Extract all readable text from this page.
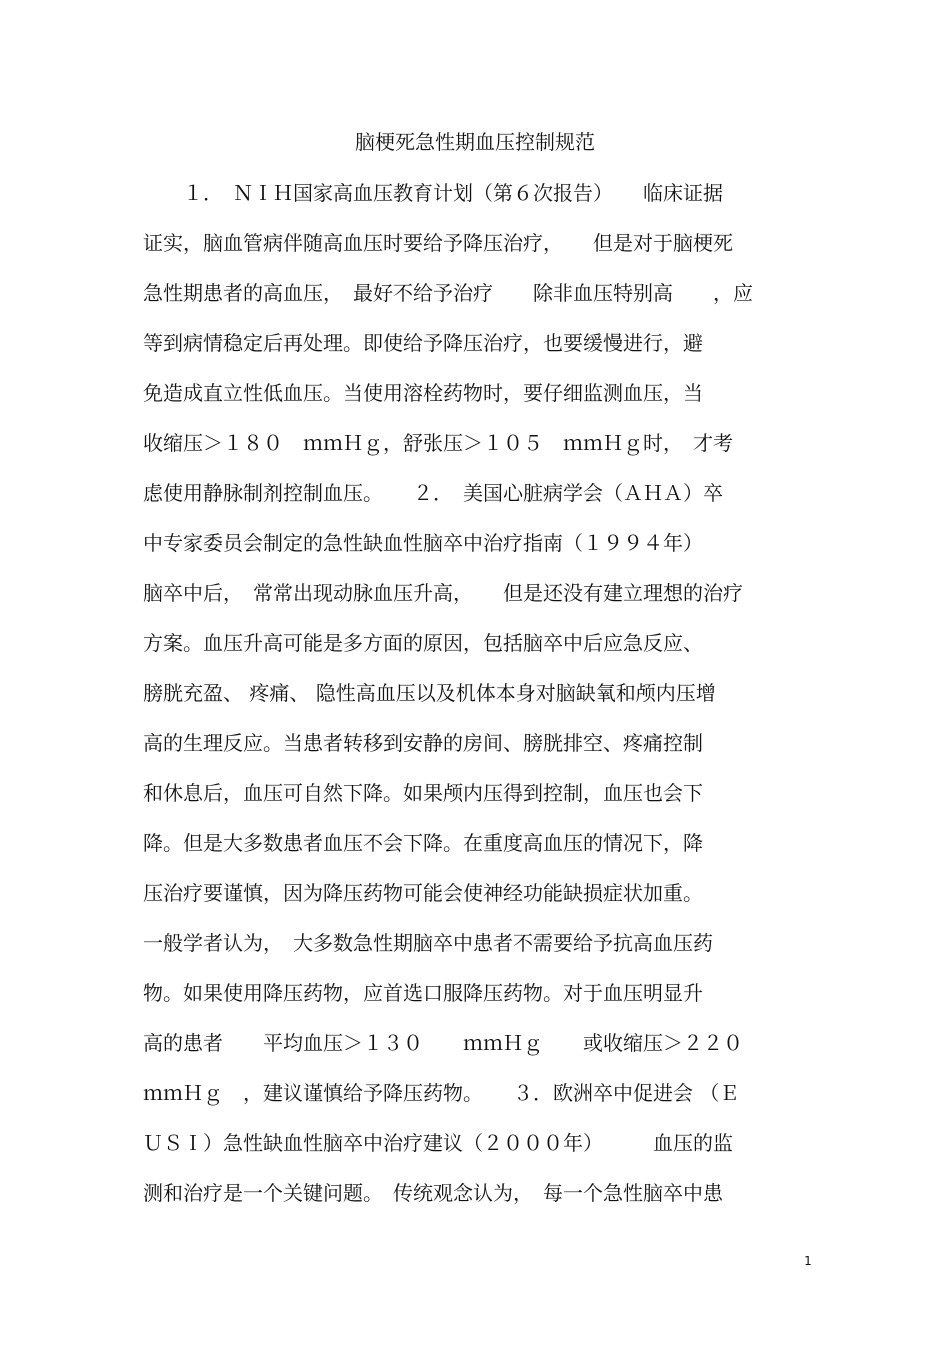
脑梗死急性期血压控制规范
　　１．　ＮＩＨ国家高血压教育计划（第６次报告）　　临床证据
证实，脑血管病伴随高血压时要给予降压治疗，　　但是对于脑梗死
急性期患者的高血压，　最好不给予治疗　　除非血压特别高　　，应
等到病情稳定后再处理。即使给予降压治疗，也要缓慢进行，避
免造成直立性低血压。当使用溶栓药物时，要仔细监测血压，当
收缩压＞１８０　ｍｍＨｇ，舒张压＞１０５　ｍｍＨｇ时，　才考
虑使用静脉制剂控制血压。　　２．　美国心脏病学会（ＡＨＡ）卒
中专家委员会制定的急性缺血性脑卒中治疗指南（１９９４年）
脑卒中后，　常常出现动脉血压升高，　　但是还没有建立理想的治疗
方案。血压升高可能是多方面的原因，包括脑卒中后应急反应、
膀胱充盈、 疼痛、 隐性高血压以及机体本身对脑缺氧和颅内压增
高的生理反应。当患者转移到安静的房间、膀胱排空、疼痛控制
和休息后，血压可自然下降。如果颅内压得到控制，血压也会下
降。但是大多数患者血压不会下降。在重度高血压的情况下，降
压治疗要谨慎，因为降压药物可能会使神经功能缺损症状加重。
一般学者认为，　大多数急性期脑卒中患者不需要给予抗高血压药
物。如果使用降压药物，应首选口服降压药物。对于血压明显升
高的患者　　平均血压＞１３０　　ｍｍＨｇ　　或收缩压＞２２０
ｍｍＨｇ　，建议谨慎给予降压药物。　　３．欧洲卒中促进会 （Ｅ
ＵＳＩ）急性缺血性脑卒中治疗建议（２０００年）　　　血压的监
测和治疗是一个关键问题。　传统观念认为，　每一个急性脑卒中患
1
